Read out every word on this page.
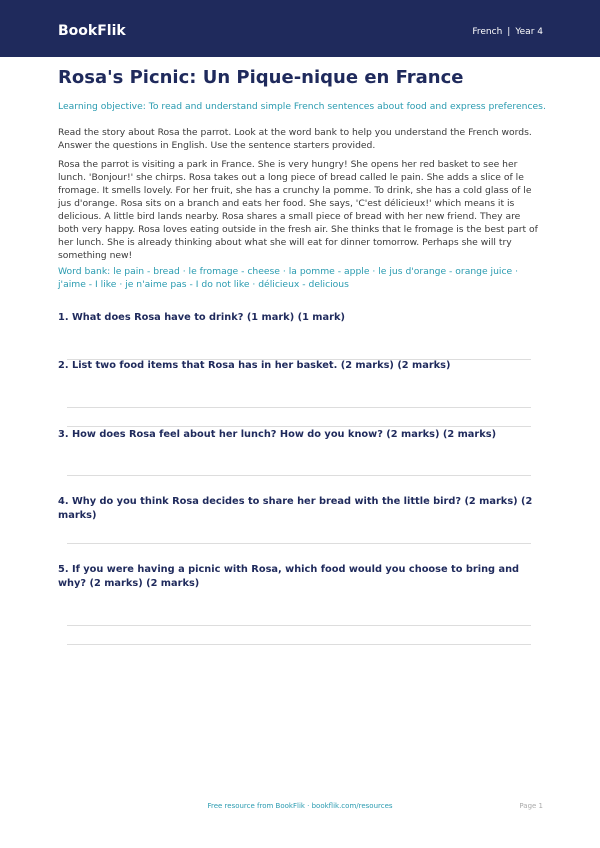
BookFlik	French | Year 4
Rosa's Picnic: Un Pique-nique en France
Learning objective: To read and understand simple French sentences about food and express preferences.

Read the story about Rosa the parrot. Look at the word bank to help you understand the French words. Answer the questions in English. Use the sentence starters provided.

Rosa the parrot is visiting a park in France. She is very hungry! She opens her red basket to see her lunch. 'Bonjour!' she chirps. Rosa takes out a long piece of bread called le pain. She adds a slice of le fromage. It smells lovely. For her fruit, she has a crunchy la pomme. To drink, she has a cold glass of le jus d'orange. Rosa sits on a branch and eats her food. She says, 'C'est délicieux!' which means it is delicious. A little bird lands nearby. Rosa shares a small piece of bread with her new friend. They are both very happy. Rosa loves eating outside in the fresh air. She thinks that le fromage is the best part of her lunch. She is already thinking about what she will eat for dinner tomorrow. Perhaps she will try something new!

Word bank: le pain - bread · le fromage - cheese · la pomme - apple · le jus d'orange - orange juice · j'aime - I like · je n'aime pas - I do not like · délicieux - delicious

1. What does Rosa have to drink? (1 mark) (1 mark)

2. List two food items that Rosa has in her basket. (2 marks) (2 marks)

3. How does Rosa feel about her lunch? How do you know? (2 marks) (2 marks)

4. Why do you think Rosa decides to share her bread with the little bird? (2 marks) (2 marks)

5. If you were having a picnic with Rosa, which food would you choose to bring and why? (2 marks) (2 marks)

Free resource from BookFlik · bookflik.com/resources	Page 1
